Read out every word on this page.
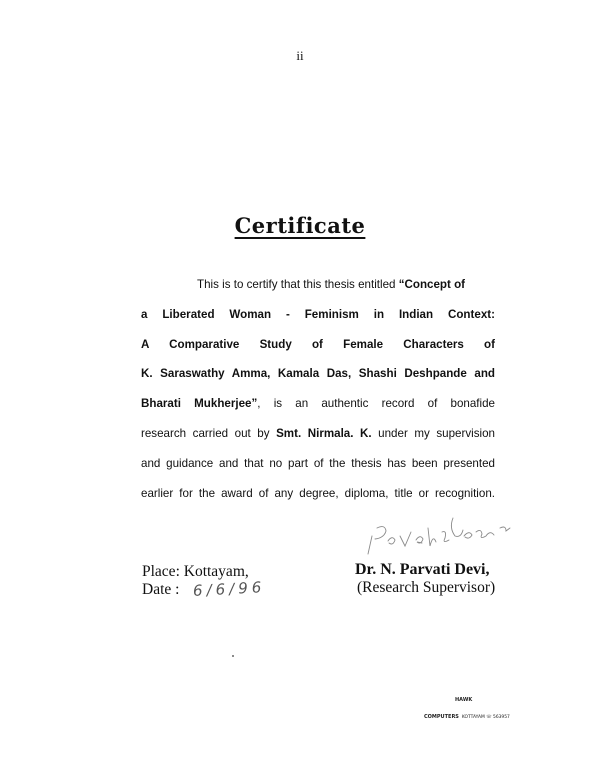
ii
Certificate
This is to certify that this thesis entitled “Concept of
a Liberated Woman - Feminism in Indian Context:
A Comparative Study of Female Characters of
K. Saraswathy Amma, Kamala Das, Shashi Deshpande and
Bharati Mukherjee”, is an authentic record of bonafide
research carried out by Smt. Nirmala. K. under my supervision
and guidance and that no part of the thesis has been presented
earlier for the award of any degree, diploma, title or recognition.
Place: Kottayam,
Date : 6/6/96
Dr. N. Parvati Devi,
(Research Supervisor)
HAWK
COMPUTERS KOTTAYAM ☏ 563957
